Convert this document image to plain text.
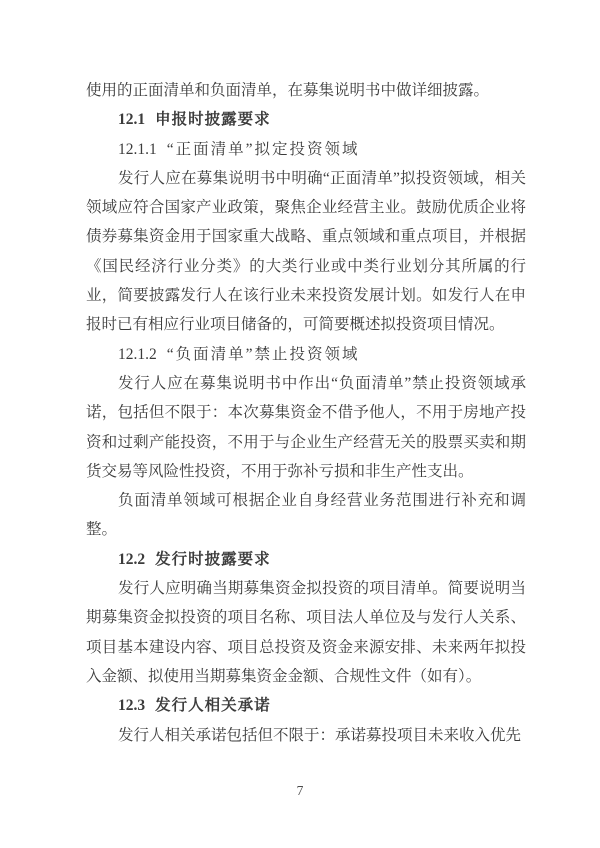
使用的正面清单和负面清单，在募集说明书中做详细披露。

12.1 申报时披露要求
12.1.1 “正面清单”拟定投资领域

发行人应在募集说明书中明确“正面清单”拟投资领域，相关领域应符合国家产业政策，聚焦企业经营主业。鼓励优质企业将债券募集资金用于国家重大战略、重点领域和重点项目，并根据《国民经济行业分类》的大类行业或中类行业划分其所属的行业，简要披露发行人在该行业未来投资发展计划。如发行人在申报时已有相应行业项目储备的，可简要概述拟投资项目情况。

12.1.2 “负面清单”禁止投资领域

发行人应在募集说明书中作出“负面清单”禁止投资领域承诺，包括但不限于：本次募集资金不借予他人，不用于房地产投资和过剩产能投资，不用于与企业生产经营无关的股票买卖和期货交易等风险性投资，不用于弥补亏损和非生产性支出。

负面清单领域可根据企业自身经营业务范围进行补充和调整。

12.2 发行时披露要求

发行人应明确当期募集资金拟投资的项目清单。简要说明当期募集资金拟投资的项目名称、项目法人单位及与发行人关系、项目基本建设内容、项目总投资及资金来源安排、未来两年拟投入金额、拟使用当期募集资金金额、合规性文件（如有）。

12.3 发行人相关承诺

发行人相关承诺包括但不限于：承诺募投项目未来收入优先

7
